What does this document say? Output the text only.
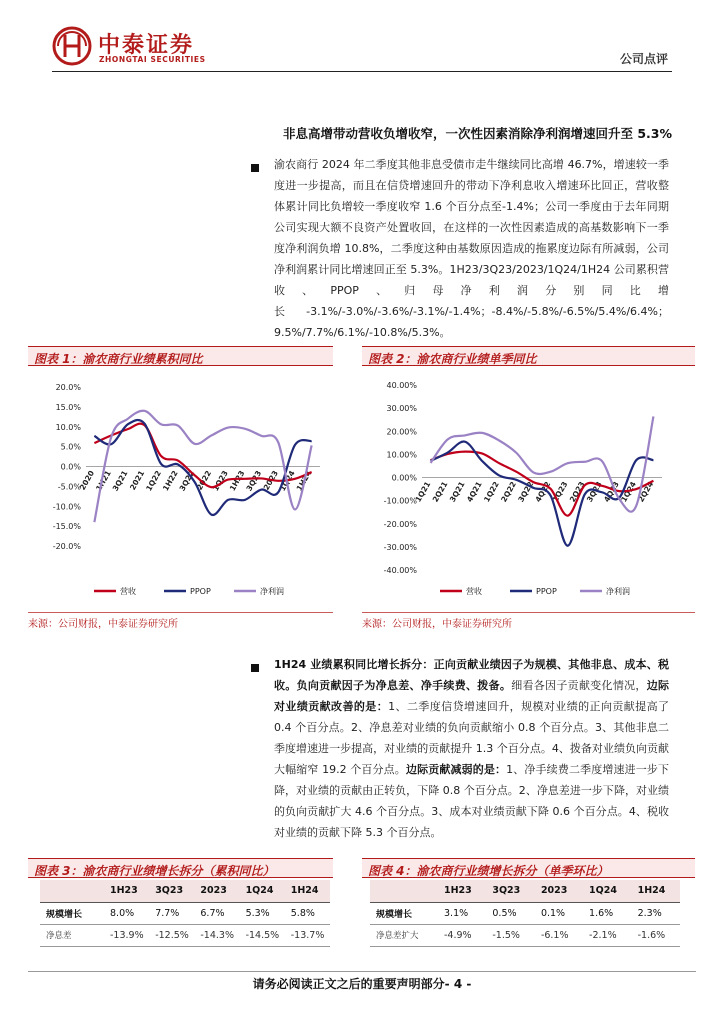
中泰证券
ZHONGTAI SECURITIES	公司点评
非息高增带动营收负增收窄，一次性因素消除净利润增速回升至 5.3%
渝农商行 2024 年二季度其他非息受债市走牛继续同比高增 46.7%，增速较一季度进一步提高，而且在信贷增速回升的带动下净利息收入增速环比回正，营收整体累计同比负增较一季度收窄 1.6 个百分点至-1.4%；公司一季度由于去年同期公司实现大额不良资产处置收回，在这样的一次性因素造成的高基数影响下一季度净利润负增 10.8%，二季度这种由基数原因造成的拖累度边际有所减弱，公司净利润累计同比增速回正至 5.3%。1H23/3Q23/2023/1Q24/1H24 公司累积营收、PPOP、归母净利润分别同比增长-3.1%/-3.0%/-3.6%/-3.1%/-1.4%；-8.4%/-5.8%/-6.5%/5.4%/6.4%；9.5%/7.7%/6.1%/-10.8%/5.3%。
图表 1：渝农商行业绩累积同比
20.0%
15.0%
10.0%
5.0%
0.0%
-5.0%
-10.0%
-15.0%
-20.0%
2020
1H21
3Q21
2021
1Q22
1H22
3Q22
2022
1Q23
1H23
3Q23
2023
1Q24
1H24
营收	PPOP	净利润
来源：公司财报，中泰证券研究所
图表 2：渝农商行业绩单季同比
40.00%
30.00%
20.00%
10.00%
0.00%
-10.00%
-20.00%
-30.00%
-40.00%
1Q21
2Q21
3Q21
4Q21
1Q22
2Q22
3Q22
4Q22
1Q23
2Q23
3Q23
4Q23
1Q24
2Q24
营收	PPOP	净利润
来源：公司财报，中泰证券研究所
1H24 业绩累积同比增长拆分：正向贡献业绩因子为规模、其他非息、成本、税收。负向贡献因子为净息差、净手续费、拨备。细看各因子贡献变化情况，边际对业绩贡献改善的是：1、二季度信贷增速回升，规模对业绩的正向贡献提高了 0.4 个百分点。2、净息差对业绩的负向贡献缩小 0.8 个百分点。3、其他非息二季度增速进一步提高，对业绩的贡献提升 1.3 个百分点。4、拨备对业绩负向贡献大幅缩窄 19.2 个百分点。边际贡献减弱的是：1、净手续费二季度增速进一步下降，对业绩的贡献由正转负，下降 0.8 个百分点。2、净息差进一步下降，对业绩的负向贡献扩大 4.6 个百分点。3、成本对业绩贡献下降 0.6 个百分点。4、税收对业绩的贡献下降 5.3 个百分点。
图表 3：渝农商行业绩增长拆分（累积同比）
	1H23	3Q23	2023	1Q24	1H24
规模增长	8.0%	7.7%	6.7%	5.3%	5.8%
净息差	-13.9%	-12.5%	-14.3%	-14.5%	-13.7%
图表 4：渝农商行业绩增长拆分（单季环比）
	1H23	3Q23	2023	1Q24	1H24
规模增长	3.1%	0.5%	0.1%	1.6%	2.3%
净息差扩大	-4.9%	-1.5%	-6.1%	-2.1%	-1.6%
请务必阅读正文之后的重要声明部分- 4 -
